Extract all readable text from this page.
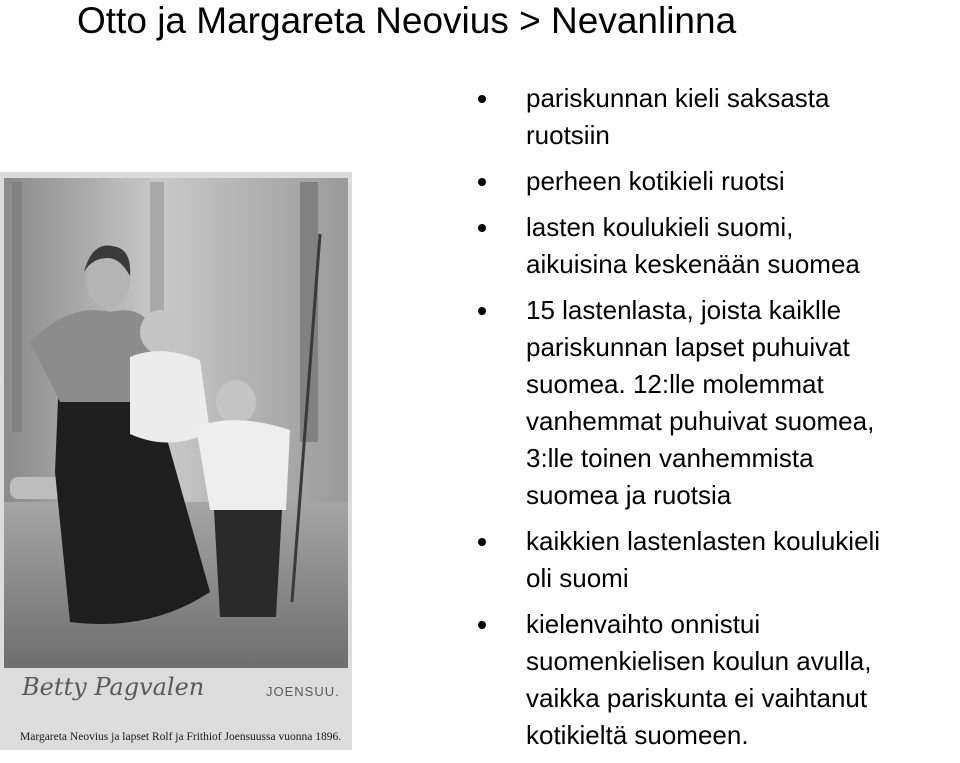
Otto ja Margareta Neovius > Nevanlinna
Betty Pagvalen	JOENSUU.
Margareta Neovius ja lapset Rolf ja Frithiof Joensuussa vuonna 1896.
pariskunnan kieli saksasta
ruotsiin
perheen kotikieli ruotsi
lasten koulukieli suomi,
aikuisina keskenään suomea
15 lastenlasta, joista kaiklle
pariskunnan lapset puhuivat
suomea. 12:lle molemmat
vanhemmat puhuivat suomea,
3:lle toinen vanhemmista
suomea ja ruotsia
kaikkien lastenlasten koulukieli
oli suomi
kielenvaihto onnistui
suomenkielisen koulun avulla,
vaikka pariskunta ei vaihtanut
kotikieltä suomeen.
